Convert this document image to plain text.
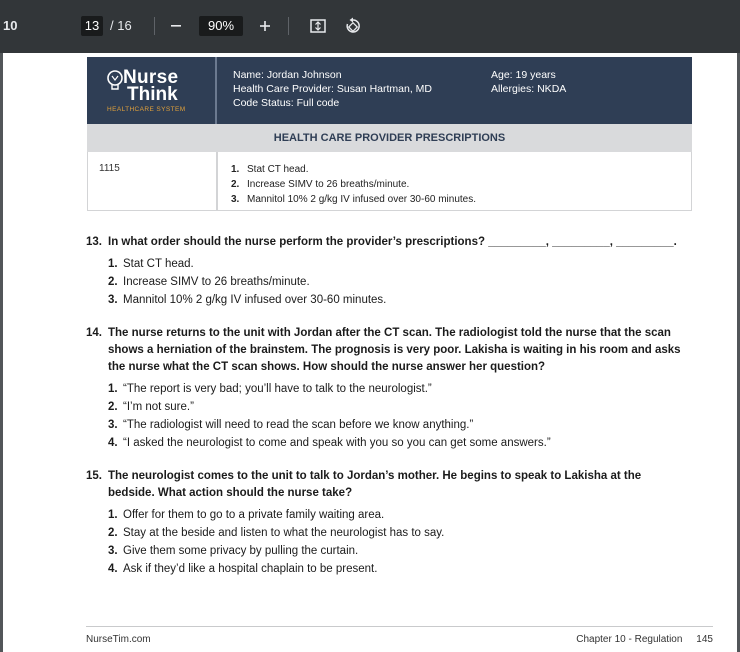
10	13 / 16	90%
Nurse
Think
HEALTHCARE SYSTEM
Name: Jordan Johnson
Health Care Provider: Susan Hartman, MD
Code Status: Full code
Age: 19 years
Allergies: NKDA
HEALTH CARE PROVIDER PRESCRIPTIONS
1115	1. Stat CT head.
2. Increase SIMV to 26 breaths/minute.
3. Mannitol 10% 2 g/kg IV infused over 30-60 minutes.
13. In what order should the nurse perform the provider’s prescriptions? _________, _________, _________.
1. Stat CT head.
2. Increase SIMV to 26 breaths/minute.
3. Mannitol 10% 2 g/kg IV infused over 30-60 minutes.
14. The nurse returns to the unit with Jordan after the CT scan. The radiologist told the nurse that the scan shows a herniation of the brainstem. The prognosis is very poor. Lakisha is waiting in his room and asks the nurse what the CT scan shows. How should the nurse answer her question?
1. “The report is very bad; you’ll have to talk to the neurologist.”
2. “I’m not sure.”
3. “The radiologist will need to read the scan before we know anything.”
4. “I asked the neurologist to come and speak with you so you can get some answers.”
15. The neurologist comes to the unit to talk to Jordan’s mother. He begins to speak to Lakisha at the bedside. What action should the nurse take?
1. Offer for them to go to a private family waiting area.
2. Stay at the beside and listen to what the neurologist has to say.
3. Give them some privacy by pulling the curtain.
4. Ask if they’d like a hospital chaplain to be present.
NurseTim.com	Chapter 10 - Regulation     145
